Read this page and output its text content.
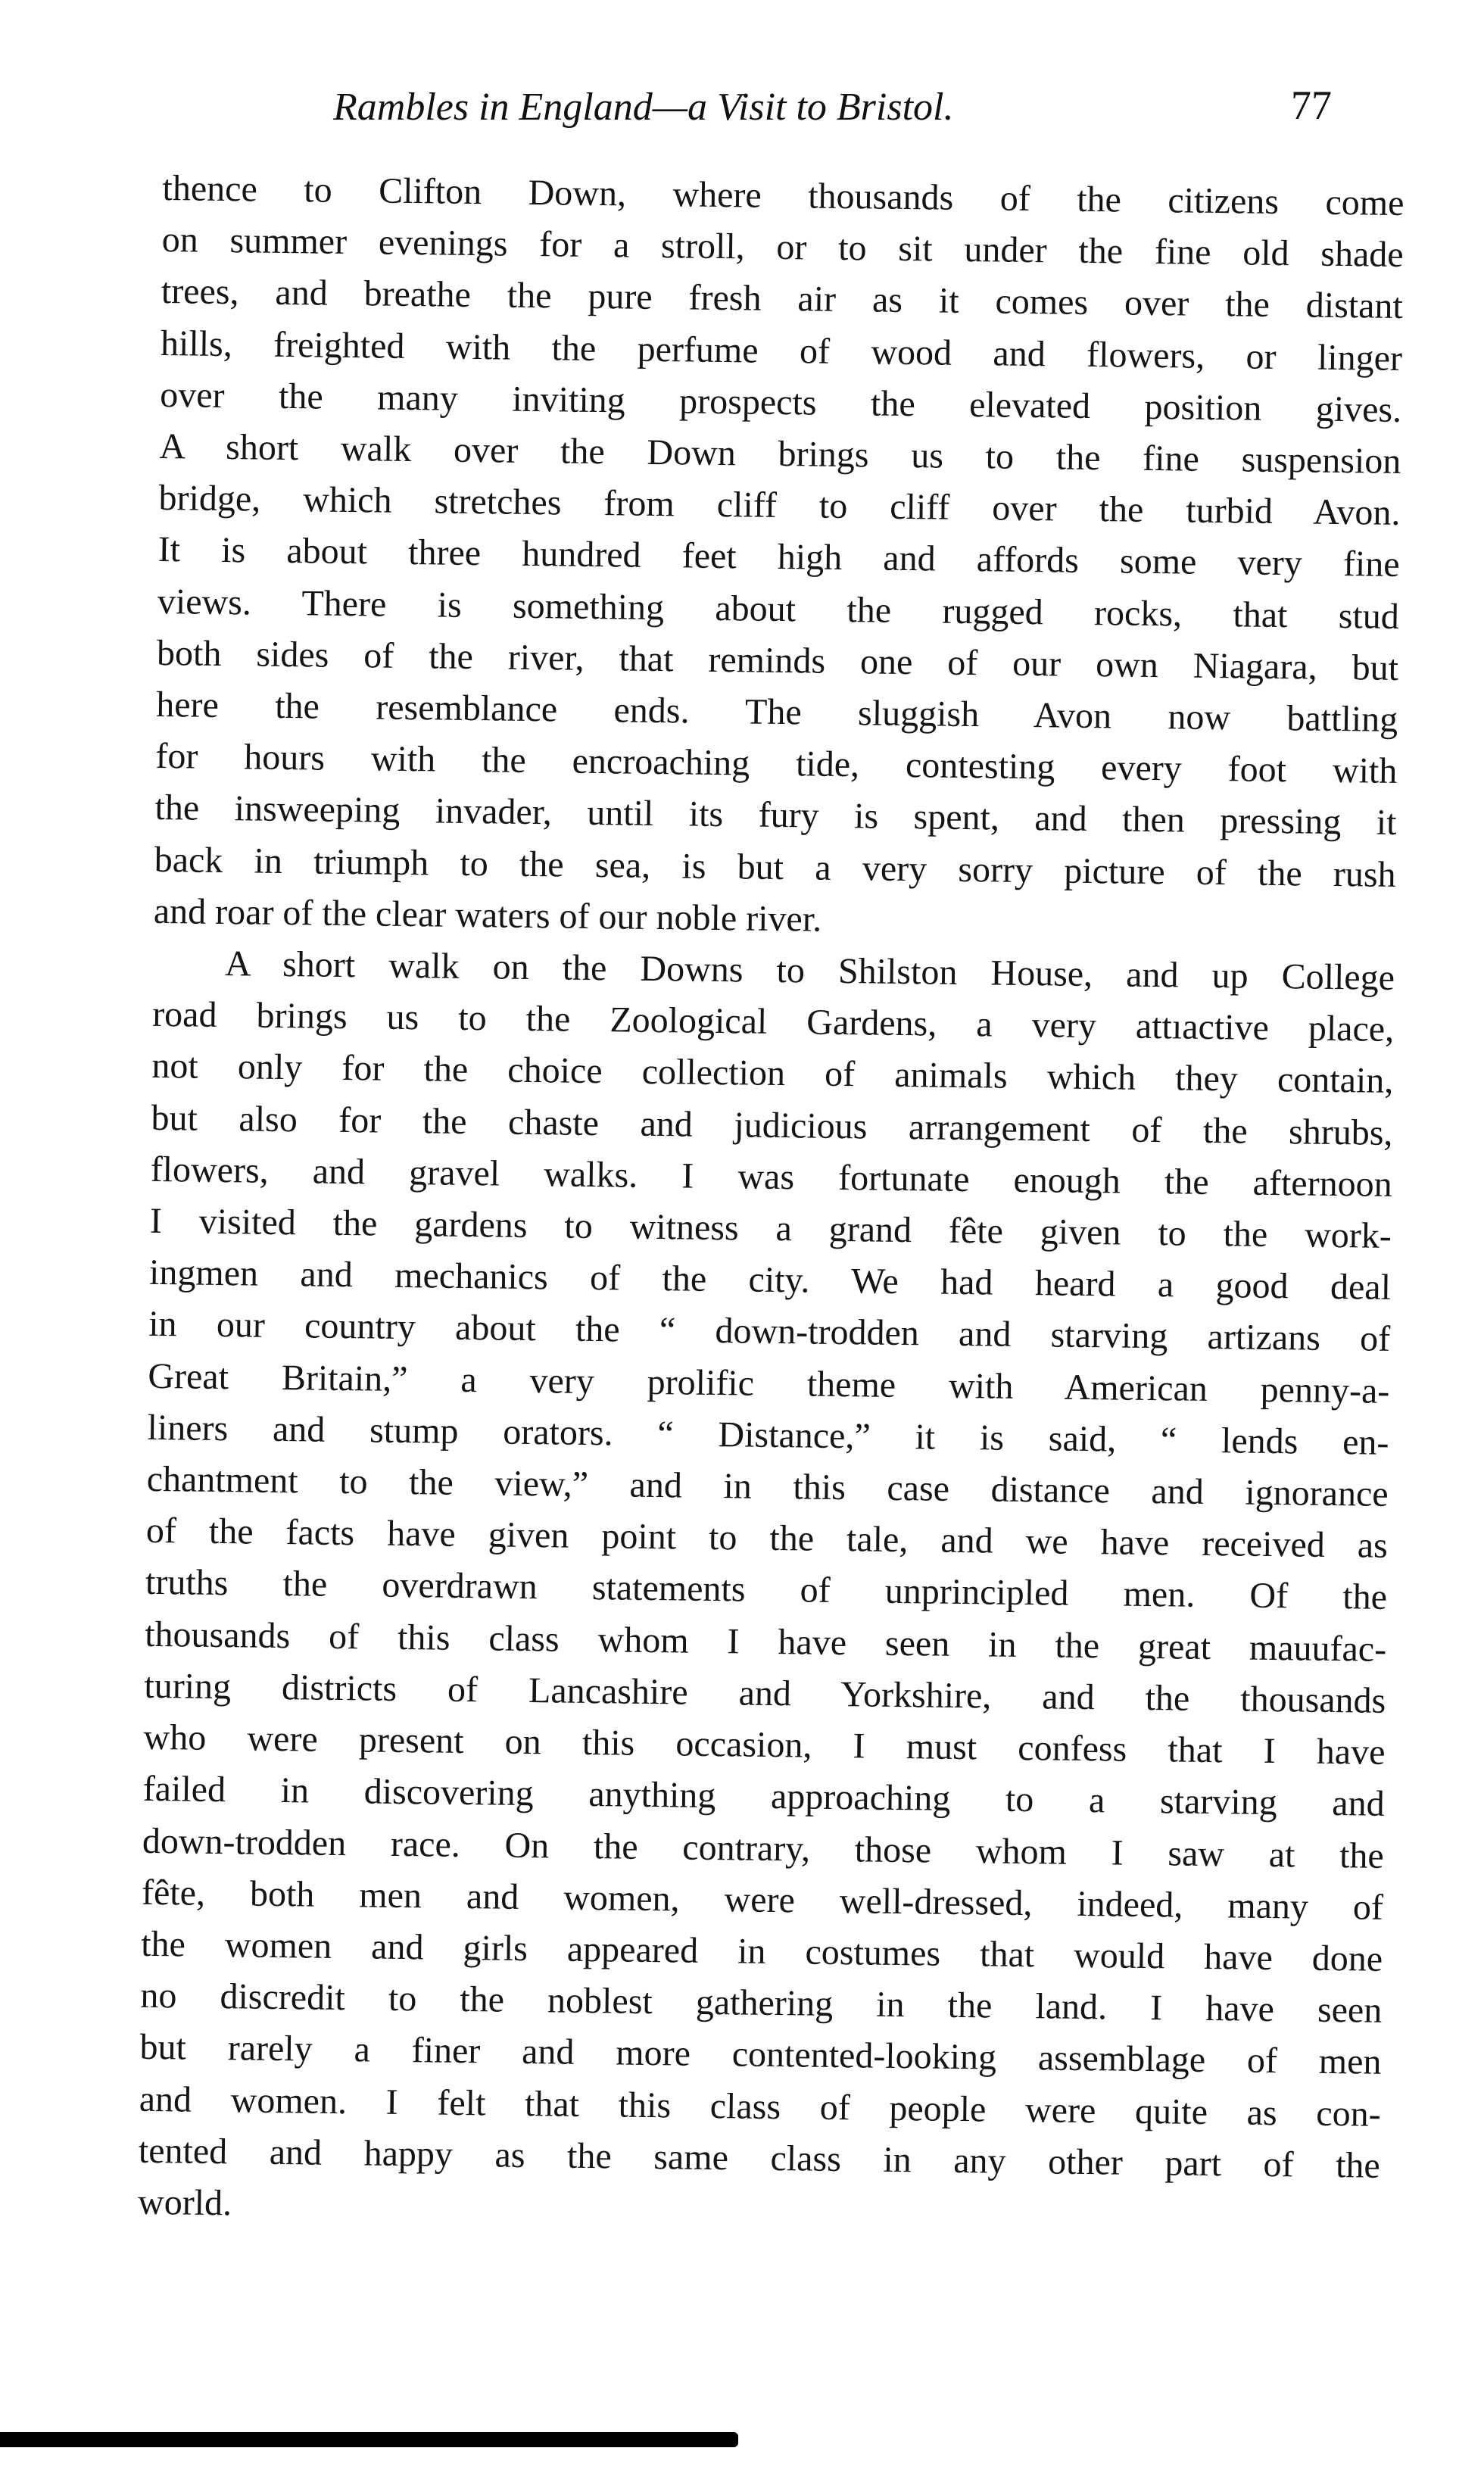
Rambles in England—a Visit to Bristol.	77
thence to Clifton Down, where thousands of the citizens come
on summer evenings for a stroll, or to sit under the fine old shade
trees, and breathe the pure fresh air as it comes over the distant
hills, freighted with the perfume of wood and flowers, or linger
over the many inviting prospects the elevated position gives.
A short walk over the Down brings us to the fine suspension
bridge, which stretches from cliff to cliff over the turbid Avon.
It is about three hundred feet high and affords some very fine
views. There is something about the rugged rocks, that stud
both sides of the river, that reminds one of our own Niagara, but
here the resemblance ends. The sluggish Avon now battling
for hours with the encroaching tide, contesting every foot with
the insweeping invader, until its fury is spent, and then pressing it
back in triumph to the sea, is but a very sorry picture of the rush
and roar of the clear waters of our noble river.
A short walk on the Downs to Shilston House, and up College
road brings us to the Zoological Gardens, a very attıactive place,
not only for the choice collection of animals which they contain,
but also for the chaste and judicious arrangement of the shrubs,
flowers, and gravel walks. I was fortunate enough the afternoon
I visited the gardens to witness a grand fête given to the work-
ingmen and mechanics of the city. We had heard a good deal
in our country about the “ down-trodden and starving artizans of
Great Britain,” a very prolific theme with American penny-a-
liners and stump orators. “ Distance,” it is said, “ lends en-
chantment to the view,” and in this case distance and ignorance
of the facts have given point to the tale, and we have received as
truths the overdrawn statements of unprincipled men. Of the
thousands of this class whom I have seen in the great mauufac-
turing districts of Lancashire and Yorkshire, and the thousands
who were present on this occasion, I must confess that I have
failed in discovering anything approaching to a starving and
down-trodden race. On the contrary, those whom I saw at the
fête, both men and women, were well-dressed, indeed, many of
the women and girls appeared in costumes that would have done
no discredit to the noblest gathering in the land. I have seen
but rarely a finer and more contented-looking assemblage of men
and women. I felt that this class of people were quite as con-
tented and happy as the same class in any other part of the
world.
